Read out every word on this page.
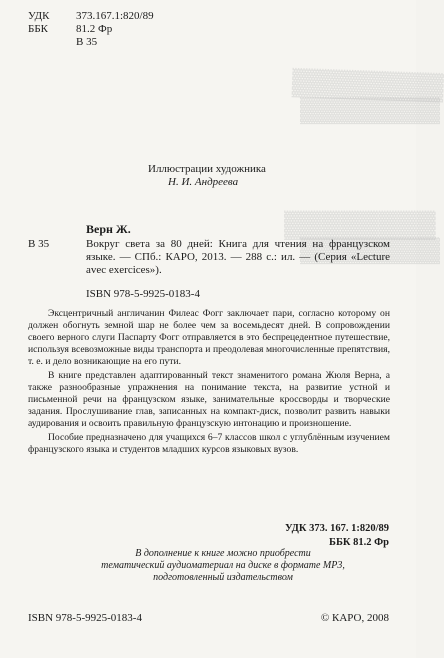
▓▓▓▓▓▓▓▓
▓▓▓▓▓▓▓▓
▓▓▓▓▓▓▓▓
▓▓▓▓▓▓▓▓
УДК	373.167.1:820/89
ББК	81.2 Фр
В 35
Иллюстрации художника
Н. И. Андреева
Верн Ж.
В 35	Вокруг света за 80 дней: Книга для чтения на французском языке. — СПб.: КАРО, 2013. — 288 с.: ил. — (Серия «Lecture avec exercices»).
ISBN 978-5-9925-0183-4

Эксцентричный англичанин Филеас Фогг заключает пари, согласно которому он должен обогнуть земной шар не более чем за восемьдесят дней. В сопровождении своего верного слуги Паспарту Фогг отправляется в это беспрецедентное путешествие, используя всевозможные виды транспорта и преодолевая многочисленные препятствия, т. е. и дело возникающие на его пути.

В книге представлен адаптированный текст знаменитого романа Жюля Верна, а также разнообразные упражнения на понимание текста, на развитие устной и письменной речи на французском языке, занимательные кроссворды и творческие задания. Прослушивание глав, записанных на компакт-диск, позволит развить навыки аудирования и освоить правильную французскую интонацию и произношение.

Пособие предназначено для учащихся 6–7 классов школ с углублённым изучением французского языка и студентов младших курсов языковых вузов.

УДК 373. 167. 1:820/89
ББК 81.2 Фр
В дополнение к книге можно приобрести
тематический аудиоматериал на диске в формате МР3,
подготовленный издательством
ISBN 978-5-9925-0183-4	© КАРО, 2008
